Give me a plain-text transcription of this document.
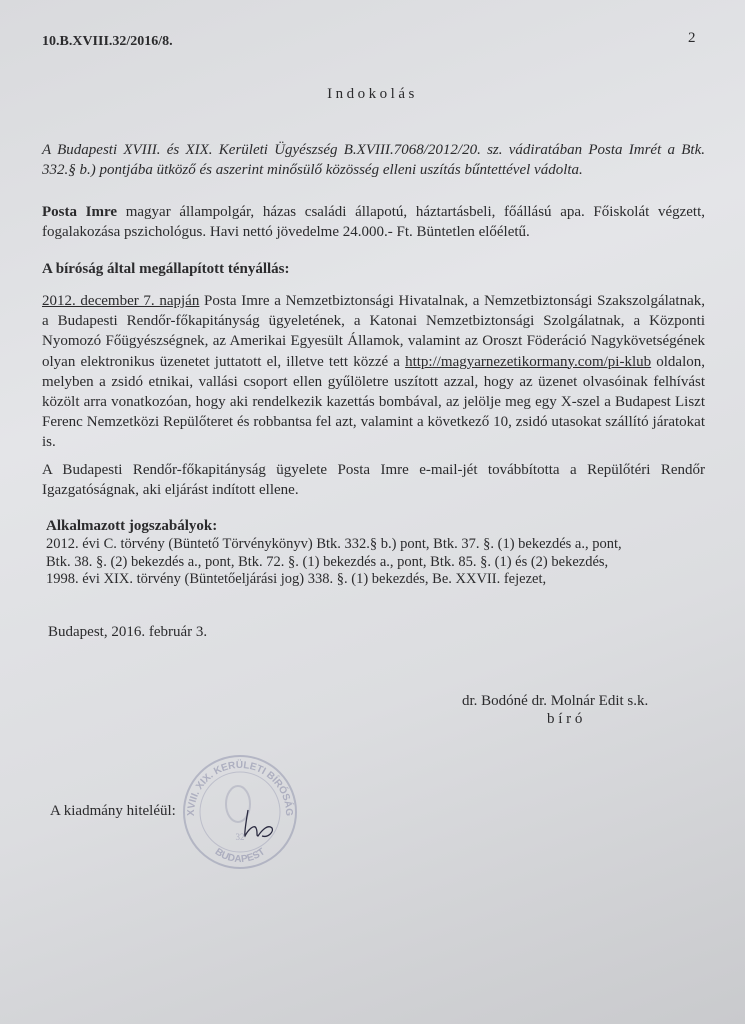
10.B.XVIII.32/2016/8.	2
Indokolás
A Budapesti XVIII. és XIX. Kerületi Ügyészség B.XVIII.7068/2012/20. sz. vádiratában Posta Imrét a Btk. 332.§ b.) pontjába ütköző és aszerint minősülő közösség elleni uszítás bűntettével vádolta.
Posta Imre magyar állampolgár, házas családi állapotú, háztartásbeli, főállású apa. Főiskolát végzett, fogalakozása pszichológus. Havi nettó jövedelme 24.000.- Ft. Büntetlen előéletű.
A bíróság által megállapított tényállás:
2012. december 7. napján Posta Imre a Nemzetbiztonsági Hivatalnak, a Nemzetbiztonsági Szakszolgálatnak, a Budapesti Rendőr-főkapitányság ügyeletének, a Katonai Nemzetbiztonsági Szolgálatnak, a Központi Nyomozó Főügyészségnek, az Amerikai Egyesült Államok, valamint az Oroszt Föderáció Nagykövetségének olyan elektronikus üzenetet juttatott el, illetve tett közzé a http://magyarnezetikormany.com/pi-klub oldalon, melyben a zsidó etnikai, vallási csoport ellen gyűlöletre uszított azzal, hogy az üzenet olvasóinak felhívást közölt arra vonatkozóan, hogy aki rendelkezik kazettás bombával, az jelölje meg egy X-szel a Budapest Liszt Ferenc Nemzetközi Repülőteret és robbantsa fel azt, valamint a következő 10, zsidó utasokat szállító járatokat is.
A Budapesti Rendőr-főkapitányság ügyelete Posta Imre e-mail-jét továbbította a Repülőtéri Rendőr Igazgatóságnak, aki eljárást indított ellene.
Alkalmazott jogszabályok:
2012. évi C. törvény (Büntető Törvénykönyv) Btk. 332.§ b.) pont, Btk. 37. §. (1) bekezdés a., pont,
Btk. 38. §. (2) bekezdés a., pont, Btk. 72. §. (1) bekezdés a., pont, Btk. 85. §. (1) és (2) bekezdés,
1998. évi XIX. törvény (Büntetőeljárási jog) 338. §. (1) bekezdés, Be. XXVII. fejezet,
Budapest, 2016. február 3.
dr. Bodóné dr. Molnár Edit s.k.
b í r ó
A kiadmány hiteléül: XVIII. XIX. KERÜLETI BÍRÓSÁG
BUDAPEST
32
